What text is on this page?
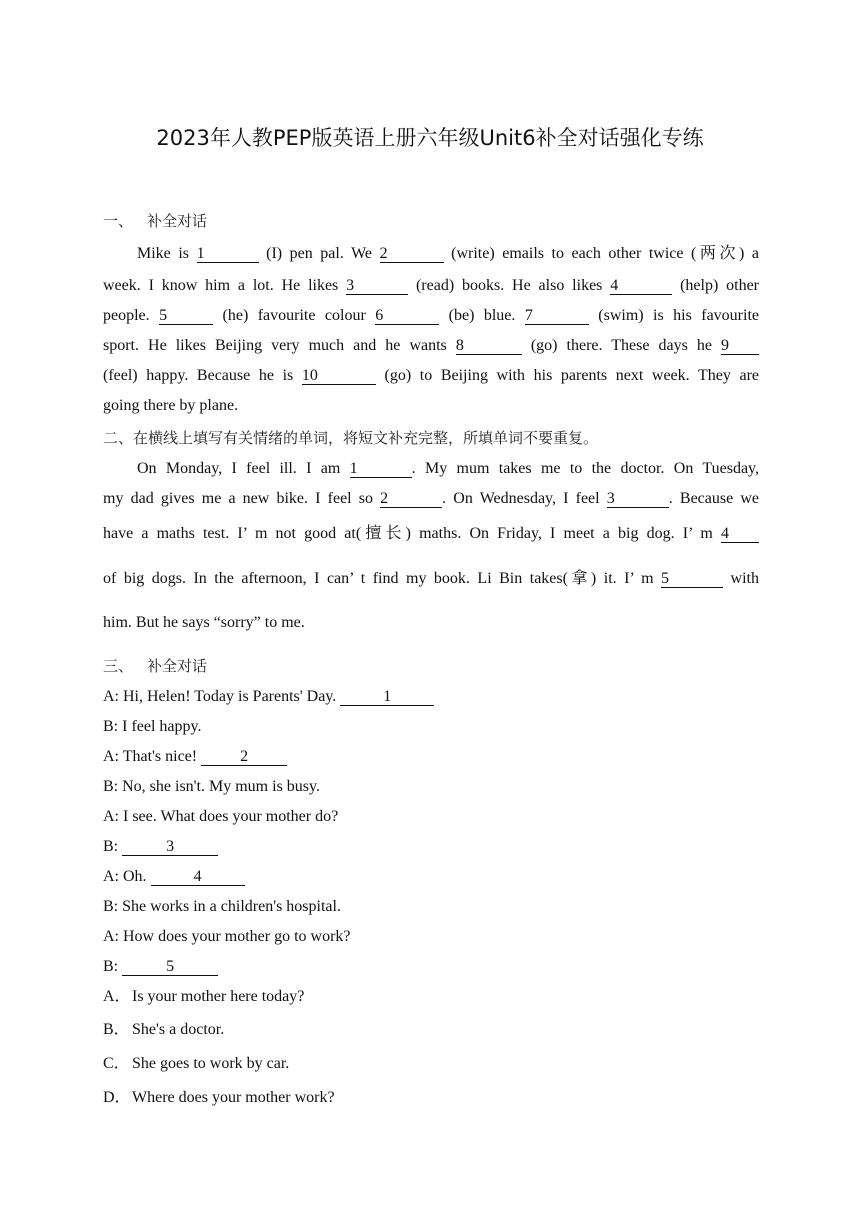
2023年人教PEP版英语上册六年级Unit6补全对话强化专练
一、 补全对话
Mike is 1	(I) pen pal. We 2	(write) emails to each other twice (两次) a
week. I know him a lot. He likes 3	(read) books. He also likes 4	(help) other
people. 5	(he) favourite colour 6	(be) blue. 7	(swim) is his favourite
sport. He likes Beijing very much and he wants 8	(go) there. These days he 9
(feel) happy. Because he is 10	(go) to Beijing with his parents next week. They are
going there by plane.
二、在横线上填写有关情绪的单词，将短文补充完整，所填单词不要重复。
On Monday, I feel ill. I am 1	. My mum takes me to the doctor. On Tuesday,
my dad gives me a new bike. I feel so 2	. On Wednesday, I feel 3	. Because we
have a maths test. I’ m not good at(擅长) maths. On Friday, I meet a big dog. I’ m 4
of big dogs. In the afternoon, I can’ t find my book. Li Bin takes(拿) it. I’ m 5	with
him. But he says “sorry” to me.
三、 补全对话
A: Hi, Helen! Today is Parents' Day.	1
B: I feel happy.
A: That's nice! 2
B: No, she isn't. My mum is busy.
A: I see. What does your mother do?
B:	3
A: Oh.	4
B: She works in a children's hospital.
A: How does your mother go to work?
B:	5
A．Is your mother here today?
B． She's a doctor.
C． She goes to work by car.
D．Where does your mother work?
